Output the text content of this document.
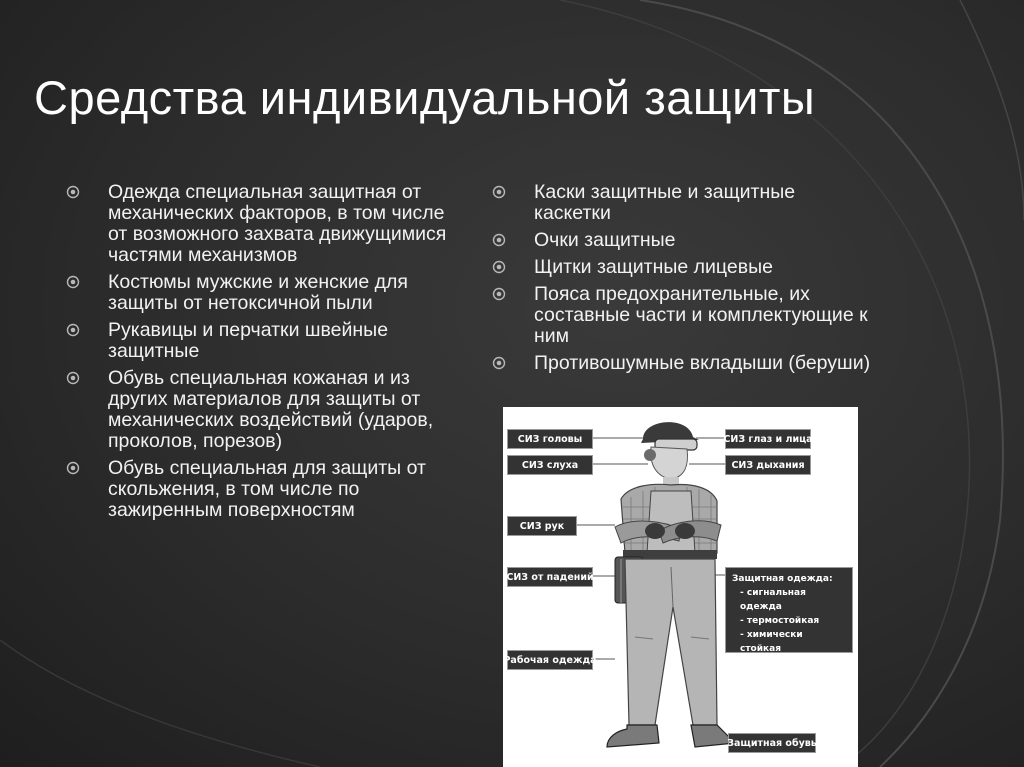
Средства индивидуальной защиты
Одежда специальная защитная от механических факторов, в том числе от возможного захвата движущимися частями механизмов
Костюмы мужские и женские для защиты от нетоксичной пыли
Рукавицы и перчатки швейные защитные
Обувь специальная кожаная и из других материалов для защиты от механических воздействий (ударов, проколов, порезов)
Обувь специальная для защиты от скольжения, в том числе по зажиренным поверхностям
Каски защитные и защитные каскетки
Очки защитные
Щитки защитные лицевые
Пояса предохранительные, их составные части и комплектующие к ним
Противошумные вкладыши (беруши)
СИЗ головы
СИЗ слуха
СИЗ рук
СИЗ от падений
Рабочая одежда
СИЗ глаз и лица
СИЗ дыхания
Защитная одежда:
- сигнальная одежда
- термостойкая
- химически стойкая
- другая
Защитная обувь
